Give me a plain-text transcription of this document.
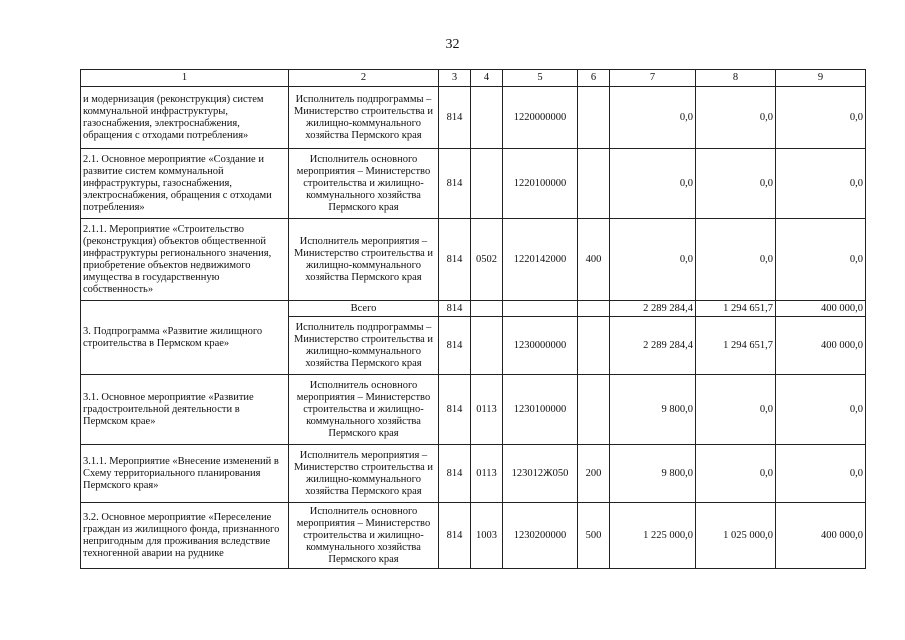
32
1	2	3	4	5	6	7	8	9
и модернизация (реконструкция) систем коммунальной инфраструктуры, газоснабжения, электроснабжения, обращения с отходами потребления»	Исполнитель подпрограммы – Министерство строительства и жилищно-коммунального хозяйства Пермского края	814		1220000000		0,0	0,0	0,0
2.1. Основное мероприятие «Создание и развитие систем коммунальной инфраструктуры, газоснабжения, электроснабжения, обращения с отходами потребления»	Исполнитель основного мероприятия – Министерство строительства и жилищно-коммунального хозяйства Пермского края	814		1220100000		0,0	0,0	0,0
2.1.1. Мероприятие «Строительство (реконструкция) объектов общественной инфраструктуры регионального значения, приобретение объектов недвижимого имущества в государственную собственность»	Исполнитель мероприятия – Министерство строительства и жилищно-коммунального хозяйства Пермского края	814	0502	1220142000	400	0,0	0,0	0,0
3. Подпрограмма «Развитие жилищного строительства в Пермском крае»	Всего	814				2 289 284,4	1 294 651,7	400 000,0
	Исполнитель подпрограммы – Министерство строительства и жилищно-коммунального хозяйства Пермского края	814		1230000000		2 289 284,4	1 294 651,7	400 000,0
3.1. Основное мероприятие «Развитие градостроительной деятельности в Пермском крае»	Исполнитель основного мероприятия – Министерство строительства и жилищно-коммунального хозяйства Пермского края	814	0113	1230100000		9 800,0	0,0	0,0
3.1.1. Мероприятие «Внесение изменений в Схему территориального планирования Пермского края»	Исполнитель мероприятия – Министерство строительства и жилищно-коммунального хозяйства Пермского края	814	0113	123012Ж050	200	9 800,0	0,0	0,0
3.2. Основное мероприятие «Переселение граждан из жилищного фонда, признанного непригодным для проживания вследствие техногенной аварии на руднике	Исполнитель основного мероприятия – Министерство строительства и жилищно-коммунального хозяйства Пермского края	814	1003	1230200000	500	1 225 000,0	1 025 000,0	400 000,0
